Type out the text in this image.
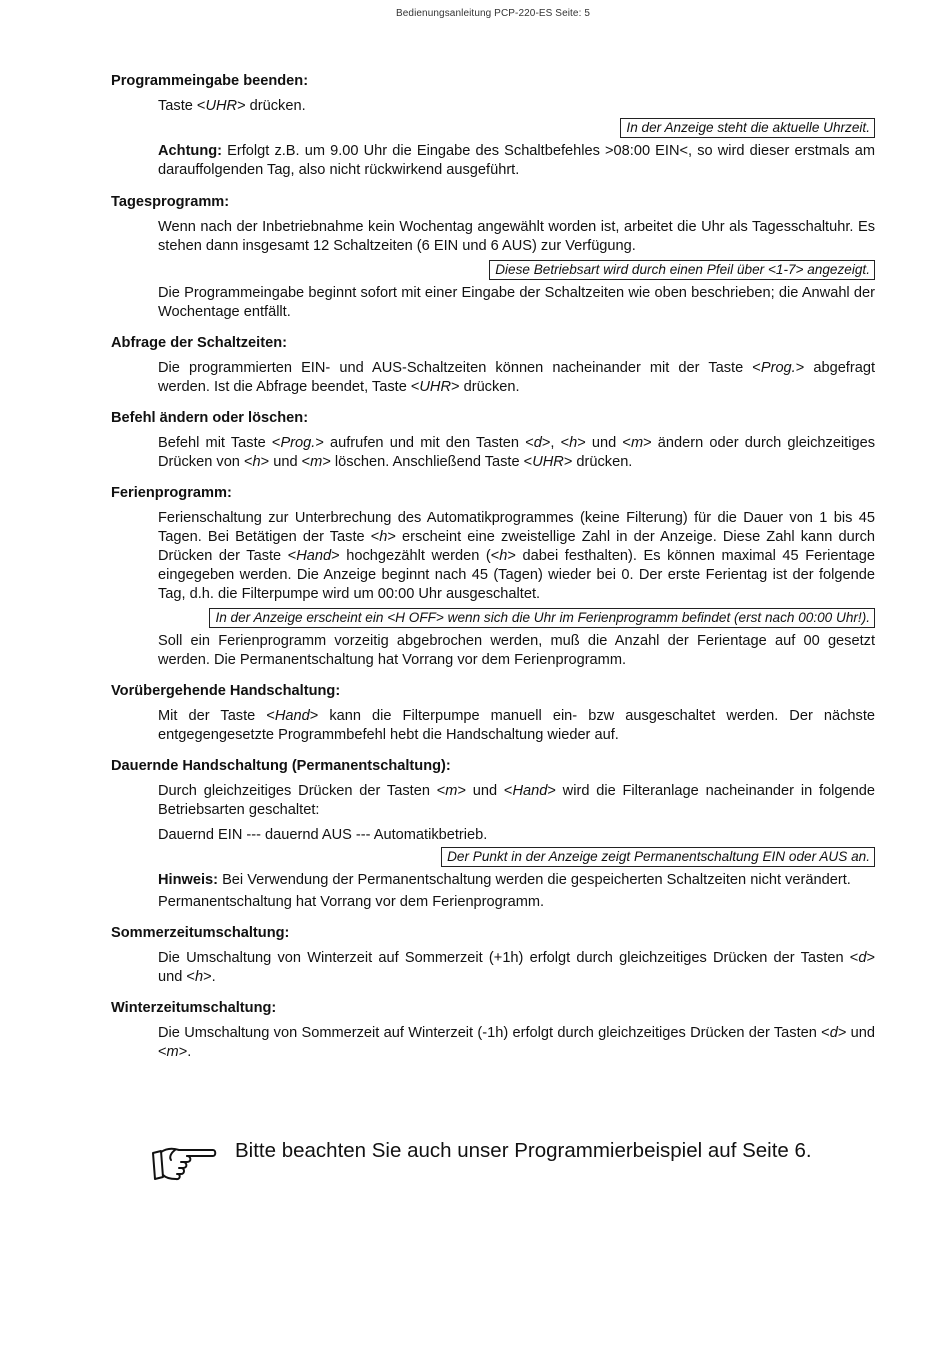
Bedienungsanleitung PCP-220-ES Seite: 5
Programmeingabe beenden:

Taste <UHR> drücken.

In der Anzeige steht die aktuelle Uhrzeit.

Achtung: Erfolgt z.B. um 9.00 Uhr die Eingabe des Schaltbefehles >08:00 EIN<, so wird dieser erstmals am darauffolgenden Tag, also nicht rückwirkend ausgeführt.

Tagesprogramm:

Wenn nach der Inbetriebnahme kein Wochentag angewählt worden ist, arbeitet die Uhr als Tagesschaltuhr. Es stehen dann insgesamt 12 Schaltzeiten (6 EIN und 6 AUS) zur Verfügung.

Diese Betriebsart wird durch einen Pfeil über <1-7> angezeigt.

Die Programmeingabe beginnt sofort mit einer Eingabe der Schaltzeiten wie oben beschrieben; die Anwahl der Wochentage entfällt.

Abfrage der Schaltzeiten:

Die programmierten EIN- und AUS-Schaltzeiten können nacheinander mit der Taste <Prog.> abgefragt werden. Ist die Abfrage beendet, Taste <UHR> drücken.

Befehl ändern oder löschen:

Befehl mit Taste <Prog.> aufrufen und mit den Tasten <d>, <h> und <m> ändern oder durch gleichzeitiges Drücken von <h> und <m> löschen. Anschließend Taste <UHR> drücken.

Ferienprogramm:

Ferienschaltung zur Unterbrechung des Automatikprogrammes (keine Filterung) für die Dauer von 1 bis 45 Tagen. Bei Betätigen der Taste <h> erscheint eine zweistellige Zahl in der Anzeige. Diese Zahl kann durch Drücken der Taste <Hand> hochgezählt werden (<h> dabei festhalten). Es können maximal 45 Ferientage eingegeben werden. Die Anzeige beginnt nach 45 (Tagen) wieder bei 0. Der erste Ferientag ist der folgende Tag, d.h. die Filterpumpe wird um 00:00 Uhr ausgeschaltet.

In der Anzeige erscheint ein <H OFF> wenn sich die Uhr im Ferienprogramm befindet (erst nach 00:00 Uhr!).

Soll ein Ferienprogramm vorzeitig abgebrochen werden, muß die Anzahl der Ferientage auf 00 gesetzt werden. Die Permanentschaltung hat Vorrang vor dem Ferienprogramm.

Vorübergehende Handschaltung:

Mit der Taste <Hand> kann die Filterpumpe manuell ein- bzw ausgeschaltet werden. Der nächste entgegengesetzte Programmbefehl hebt die Handschaltung wieder auf.

Dauernde Handschaltung (Permanentschaltung):

Durch gleichzeitiges Drücken der Tasten <m> und <Hand> wird die Filteranlage nacheinander in folgende Betriebsarten geschaltet:

Dauernd EIN --- dauernd AUS --- Automatikbetrieb.

Der Punkt in der Anzeige zeigt Permanentschaltung EIN oder AUS an.

Hinweis: Bei Verwendung der Permanentschaltung werden die gespeicherten Schaltzeiten nicht verändert.

Permanentschaltung hat Vorrang vor dem Ferienprogramm.

Sommerzeitumschaltung:

Die Umschaltung von Winterzeit auf Sommerzeit (+1h) erfolgt durch gleichzeitiges Drücken der Tasten <d> und <h>.

Winterzeitumschaltung:

Die Umschaltung von Sommerzeit auf Winterzeit (-1h) erfolgt durch gleichzeitiges Drücken der Tasten <d> und <m>.

Bitte beachten Sie auch unser Programmierbeispiel auf Seite 6.
